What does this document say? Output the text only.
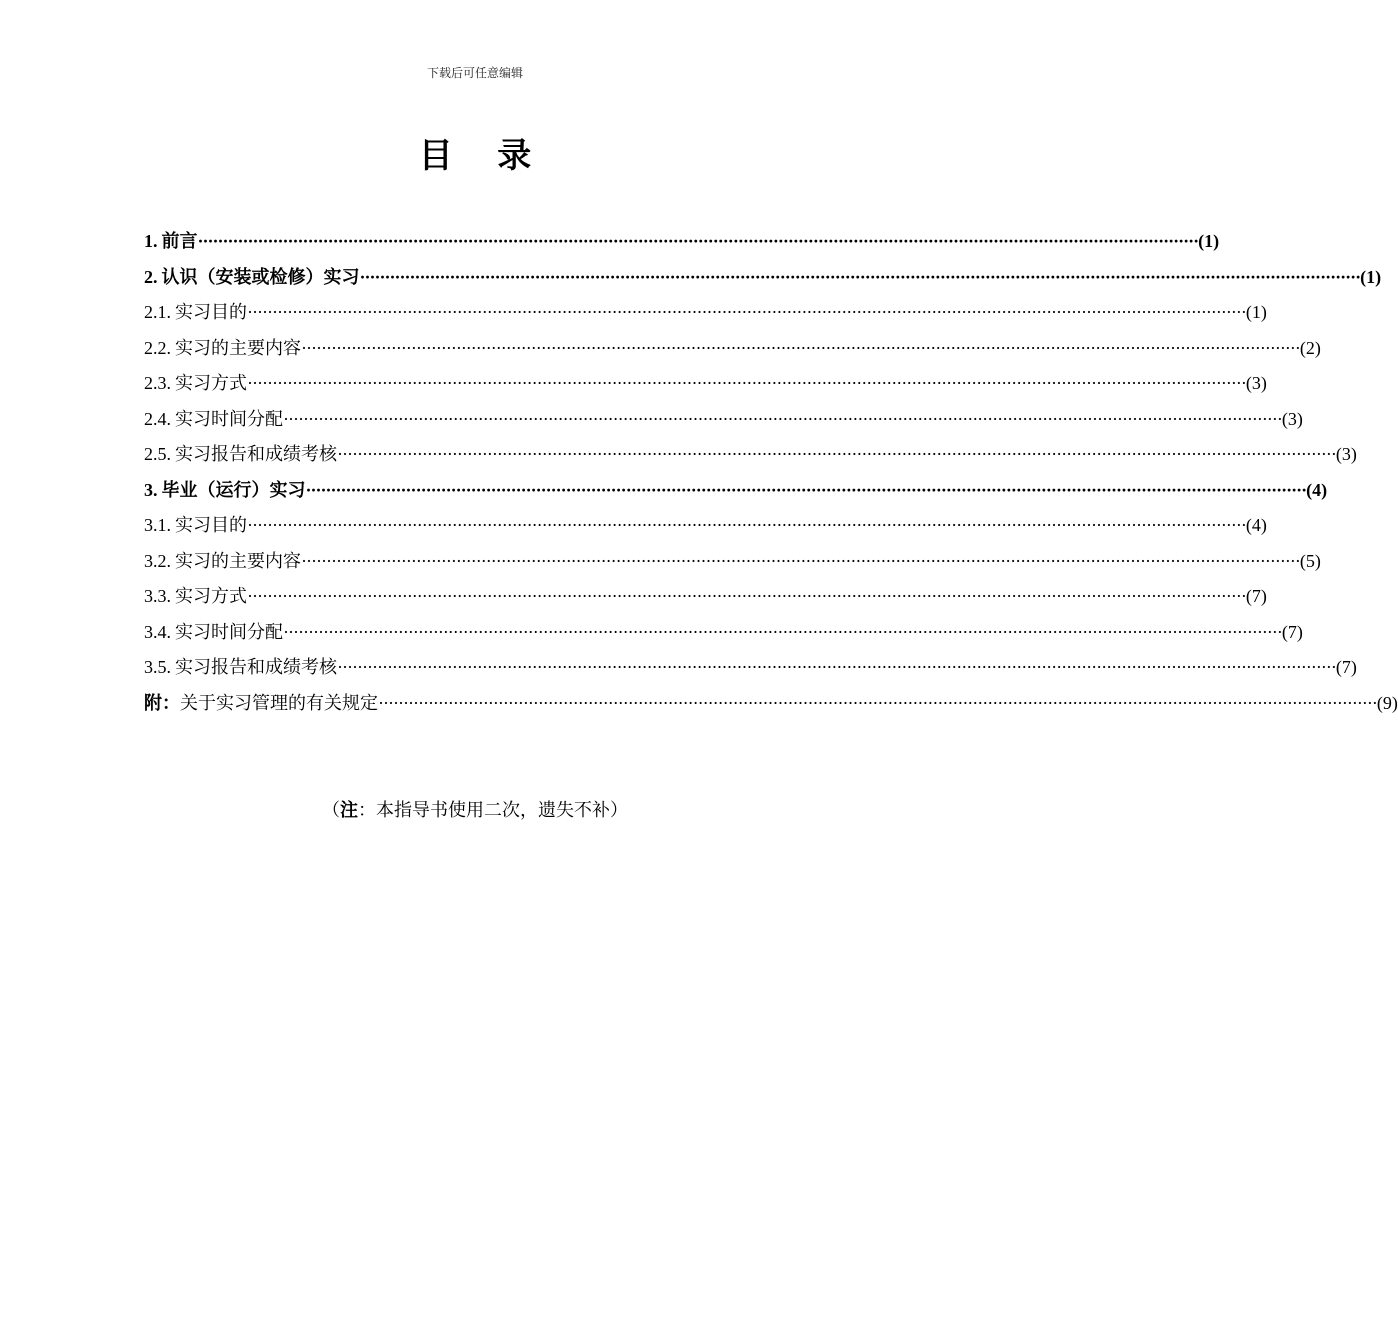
下载后可任意编辑
目 录
1. 前言 ········································································································································································································ (1)
2. 认识（安装或检修）实习 ········································································································································································································ (1)
2.1. 实习目的 ········································································································································································································ (1)
2.2. 实习的主要内容 ········································································································································································································ (2)
2.3. 实习方式 ········································································································································································································ (3)
2.4. 实习时间分配 ········································································································································································································ (3)
2.5. 实习报告和成绩考核 ········································································································································································································ (3)
3. 毕业（运行）实习 ········································································································································································································ (4)
3.1. 实习目的 ········································································································································································································ (4)
3.2. 实习的主要内容 ········································································································································································································ (5)
3.3. 实习方式 ········································································································································································································ (7)
3.4. 实习时间分配 ········································································································································································································ (7)
3.5. 实习报告和成绩考核 ········································································································································································································ (7)
附：关于实习管理的有关规定 ········································································································································································································ (9)
（注：本指导书使用二次，遗失不补）
